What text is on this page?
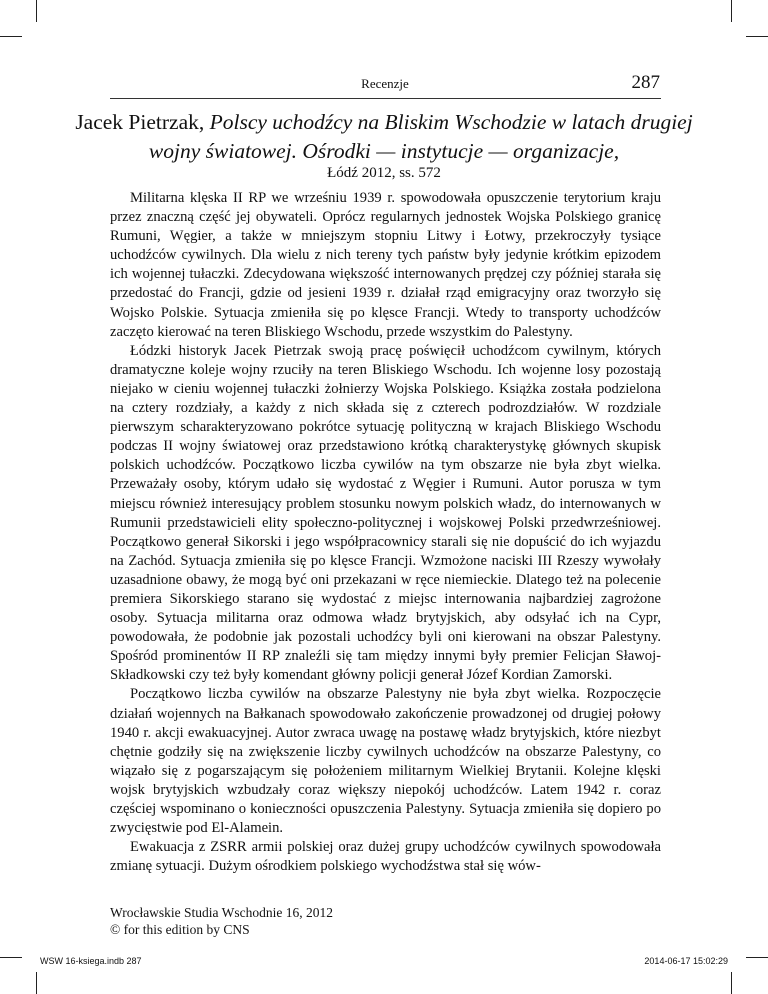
Recenzje	287
Jacek Pietrzak, Polscy uchodźcy na Bliskim Wschodzie w latach drugiej wojny światowej. Ośrodki — instytucje — organizacje,
Łódź 2012, ss. 572

Militarna klęska II RP we wrześniu 1939 r. spowodowała opuszczenie terytorium kraju przez znaczną część jej obywateli. Oprócz regularnych jednostek Wojska Polskiego granicę Rumuni, Węgier, a także w mniejszym stopniu Litwy i Łotwy, przekroczyły tysiące uchodźców cywilnych. Dla wielu z nich tereny tych państw były jedynie krótkim epizodem ich wojennej tułaczki. Zdecydowana większość internowanych prędzej czy później starała się przedostać do Francji, gdzie od jesieni 1939 r. działał rząd emigracyjny oraz tworzyło się Wojsko Polskie. Sytuacja zmieniła się po klęsce Francji. Wtedy to transporty uchodźców zaczęto kierować na teren Bliskiego Wschodu, przede wszystkim do Palestyny.

Łódzki historyk Jacek Pietrzak swoją pracę poświęcił uchodźcom cywilnym, których dramatyczne koleje wojny rzuciły na teren Bliskiego Wschodu. Ich wojenne losy pozostają niejako w cieniu wojennej tułaczki żołnierzy Wojska Polskiego. Książka została podzielona na cztery rozdziały, a każdy z nich składa się z czterech podrozdziałów. W rozdziale pierwszym scharakteryzowano pokrótce sytuację polityczną w krajach Bliskiego Wschodu podczas II wojny światowej oraz przedstawiono krótką charakterystykę głównych skupisk polskich uchodźców. Początkowo liczba cywilów na tym obszarze nie była zbyt wielka. Przeważały osoby, którym udało się wydostać z Węgier i Rumuni. Autor porusza w tym miejscu również interesujący problem stosunku nowym polskich władz, do internowanych w Rumunii przedstawicieli elity społeczno-politycznej i wojskowej Polski przedwrześniowej. Początkowo generał Sikorski i jego współpracownicy starali się nie dopuścić do ich wyjazdu na Zachód. Sytuacja zmieniła się po klęsce Francji. Wzmożone naciski III Rzeszy wywołały uzasadnione obawy, że mogą być oni przekazani w ręce niemieckie. Dlatego też na polecenie premiera Sikorskiego starano się wydostać z miejsc internowania najbardziej zagrożone osoby. Sytuacja militarna oraz odmowa władz brytyjskich, aby odsyłać ich na Cypr, powodowała, że podobnie jak pozostali uchodźcy byli oni kierowani na obszar Palestyny. Spośród prominentów II RP znaleźli się tam między innymi były premier Felicjan Sławoj-Składkowski czy też były komendant główny policji generał Józef Kordian Zamorski.

Początkowo liczba cywilów na obszarze Palestyny nie była zbyt wielka. Rozpoczęcie działań wojennych na Bałkanach spowodowało zakończenie prowadzonej od drugiej połowy 1940 r. akcji ewakuacyjnej. Autor zwraca uwagę na postawę władz brytyjskich, które niezbyt chętnie godziły się na zwiększenie liczby cywilnych uchodźców na obszarze Palestyny, co wiązało się z pogarszającym się położeniem militarnym Wielkiej Brytanii. Kolejne klęski wojsk brytyjskich wzbudzały coraz większy niepokój uchodźców. Latem 1942 r. coraz częściej wspominano o konieczności opuszczenia Palestyny. Sytuacja zmieniła się dopiero po zwycięstwie pod El-Alamein.

Ewakuacja z ZSRR armii polskiej oraz dużej grupy uchodźców cywilnych spowodowała zmianę sytuacji. Dużym ośrodkiem polskiego wychodźstwa stał się wów-

Wrocławskie Studia Wschodnie 16, 2012
© for this edition by CNS
WSW 16-ksiega.indb 287	2014-06-17 15:02:29
